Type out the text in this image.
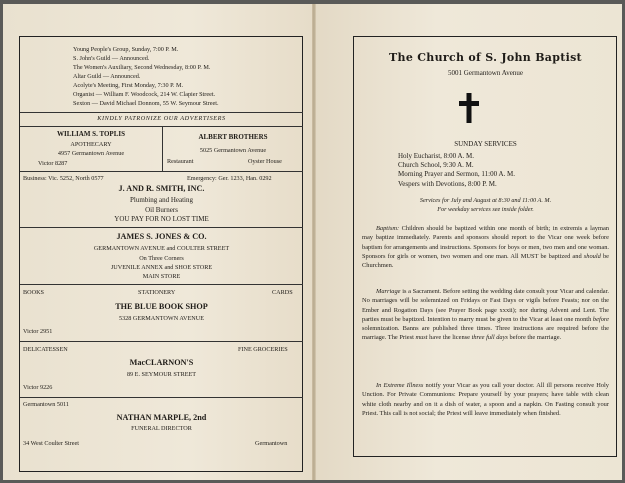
Young People's Group, Sunday, 7:00 P. M.
S. John's Guild — Announced.
The Women's Auxiliary, Second Wednesday, 8:00 P. M.
Altar Guild — Announced.
Acolyte's Meeting, First Monday, 7:30 P. M.
Organist — William F. Woodcock, 214 W. Clapier Street.
Sexton — David Michael Donnom, 55 W. Seymour Street.
KINDLY PATRONIZE OUR ADVERTISERS
WILLIAM S. TOPLIS
APOTHECARY
4957 Germantown Avenue
Victor 8287
ALBERT BROTHERS
5025 Germantown Avenue
Restaurant	Oyster House
Business: Vic. 5252, North 0577	Emergency: Ger. 1233, Han. 0292
J. AND R. SMITH, INC.
Plumbing and Heating
Oil Burners
YOU PAY FOR NO LOST TIME
JAMES S. JONES & CO.
GERMANTOWN AVENUE and COULTER STREET
On Three Corners
JUVENILE ANNEX and SHOE STORE
MAIN STORE
BOOKS	STATIONERY	CARDS
THE BLUE BOOK SHOP
5328 GERMANTOWN AVENUE
Victor 2951
DELICATESSEN	FINE GROCERIES
MacCLARNON'S
89 E. SEYMOUR STREET
Victor 9226
Germantown 5011
NATHAN MARPLE, 2nd
FUNERAL DIRECTOR
34 West Coulter Street	Germantown
The Church of S. John Baptist
5001 Germantown Avenue
SUNDAY SERVICES
Holy Eucharist, 8:00 A. M.
Church School, 9:30 A. M.
Morning Prayer and Sermon, 11:00 A. M.
Vespers with Devotions, 8:00 P. M.
Services for July and August at 8:30 and 11:00 A. M.
For weekday services see inside folder.
Baptism: Children should be baptized within one month of birth; in extremis a layman may baptize immediately. Parents and sponsors should report to the Vicar one week before baptism for arrangements and instructions. Sponsors for boys or men, two men and one woman. Sponsors for girls or women, two women and one man. All MUST be baptized and should be Churchmen.
Marriage is a Sacrament. Before setting the wedding date consult your Vicar and calendar. No marriages will be solemnized on Fridays or Fast Days or vigils before Feasts; nor on the Ember and Rogation Days (see Prayer Book page xxxii); nor during Advent and Lent. The parties must be baptized. Intention to marry must be given to the Vicar at least one month before solemnization. Banns are published three times. Three instructions are required before the marriage. The Priest must have the license three full days before the marriage.
In Extreme Illness notify your Vicar as you call your doctor. All ill persons receive Holy Unction. For Private Communions: Prepare yourself by your prayers; have table with clean white cloth nearby and on it a dish of water, a spoon and a napkin. On Fasting consult your Priest. This call is not social; the Priest will leave immediately when finished.
